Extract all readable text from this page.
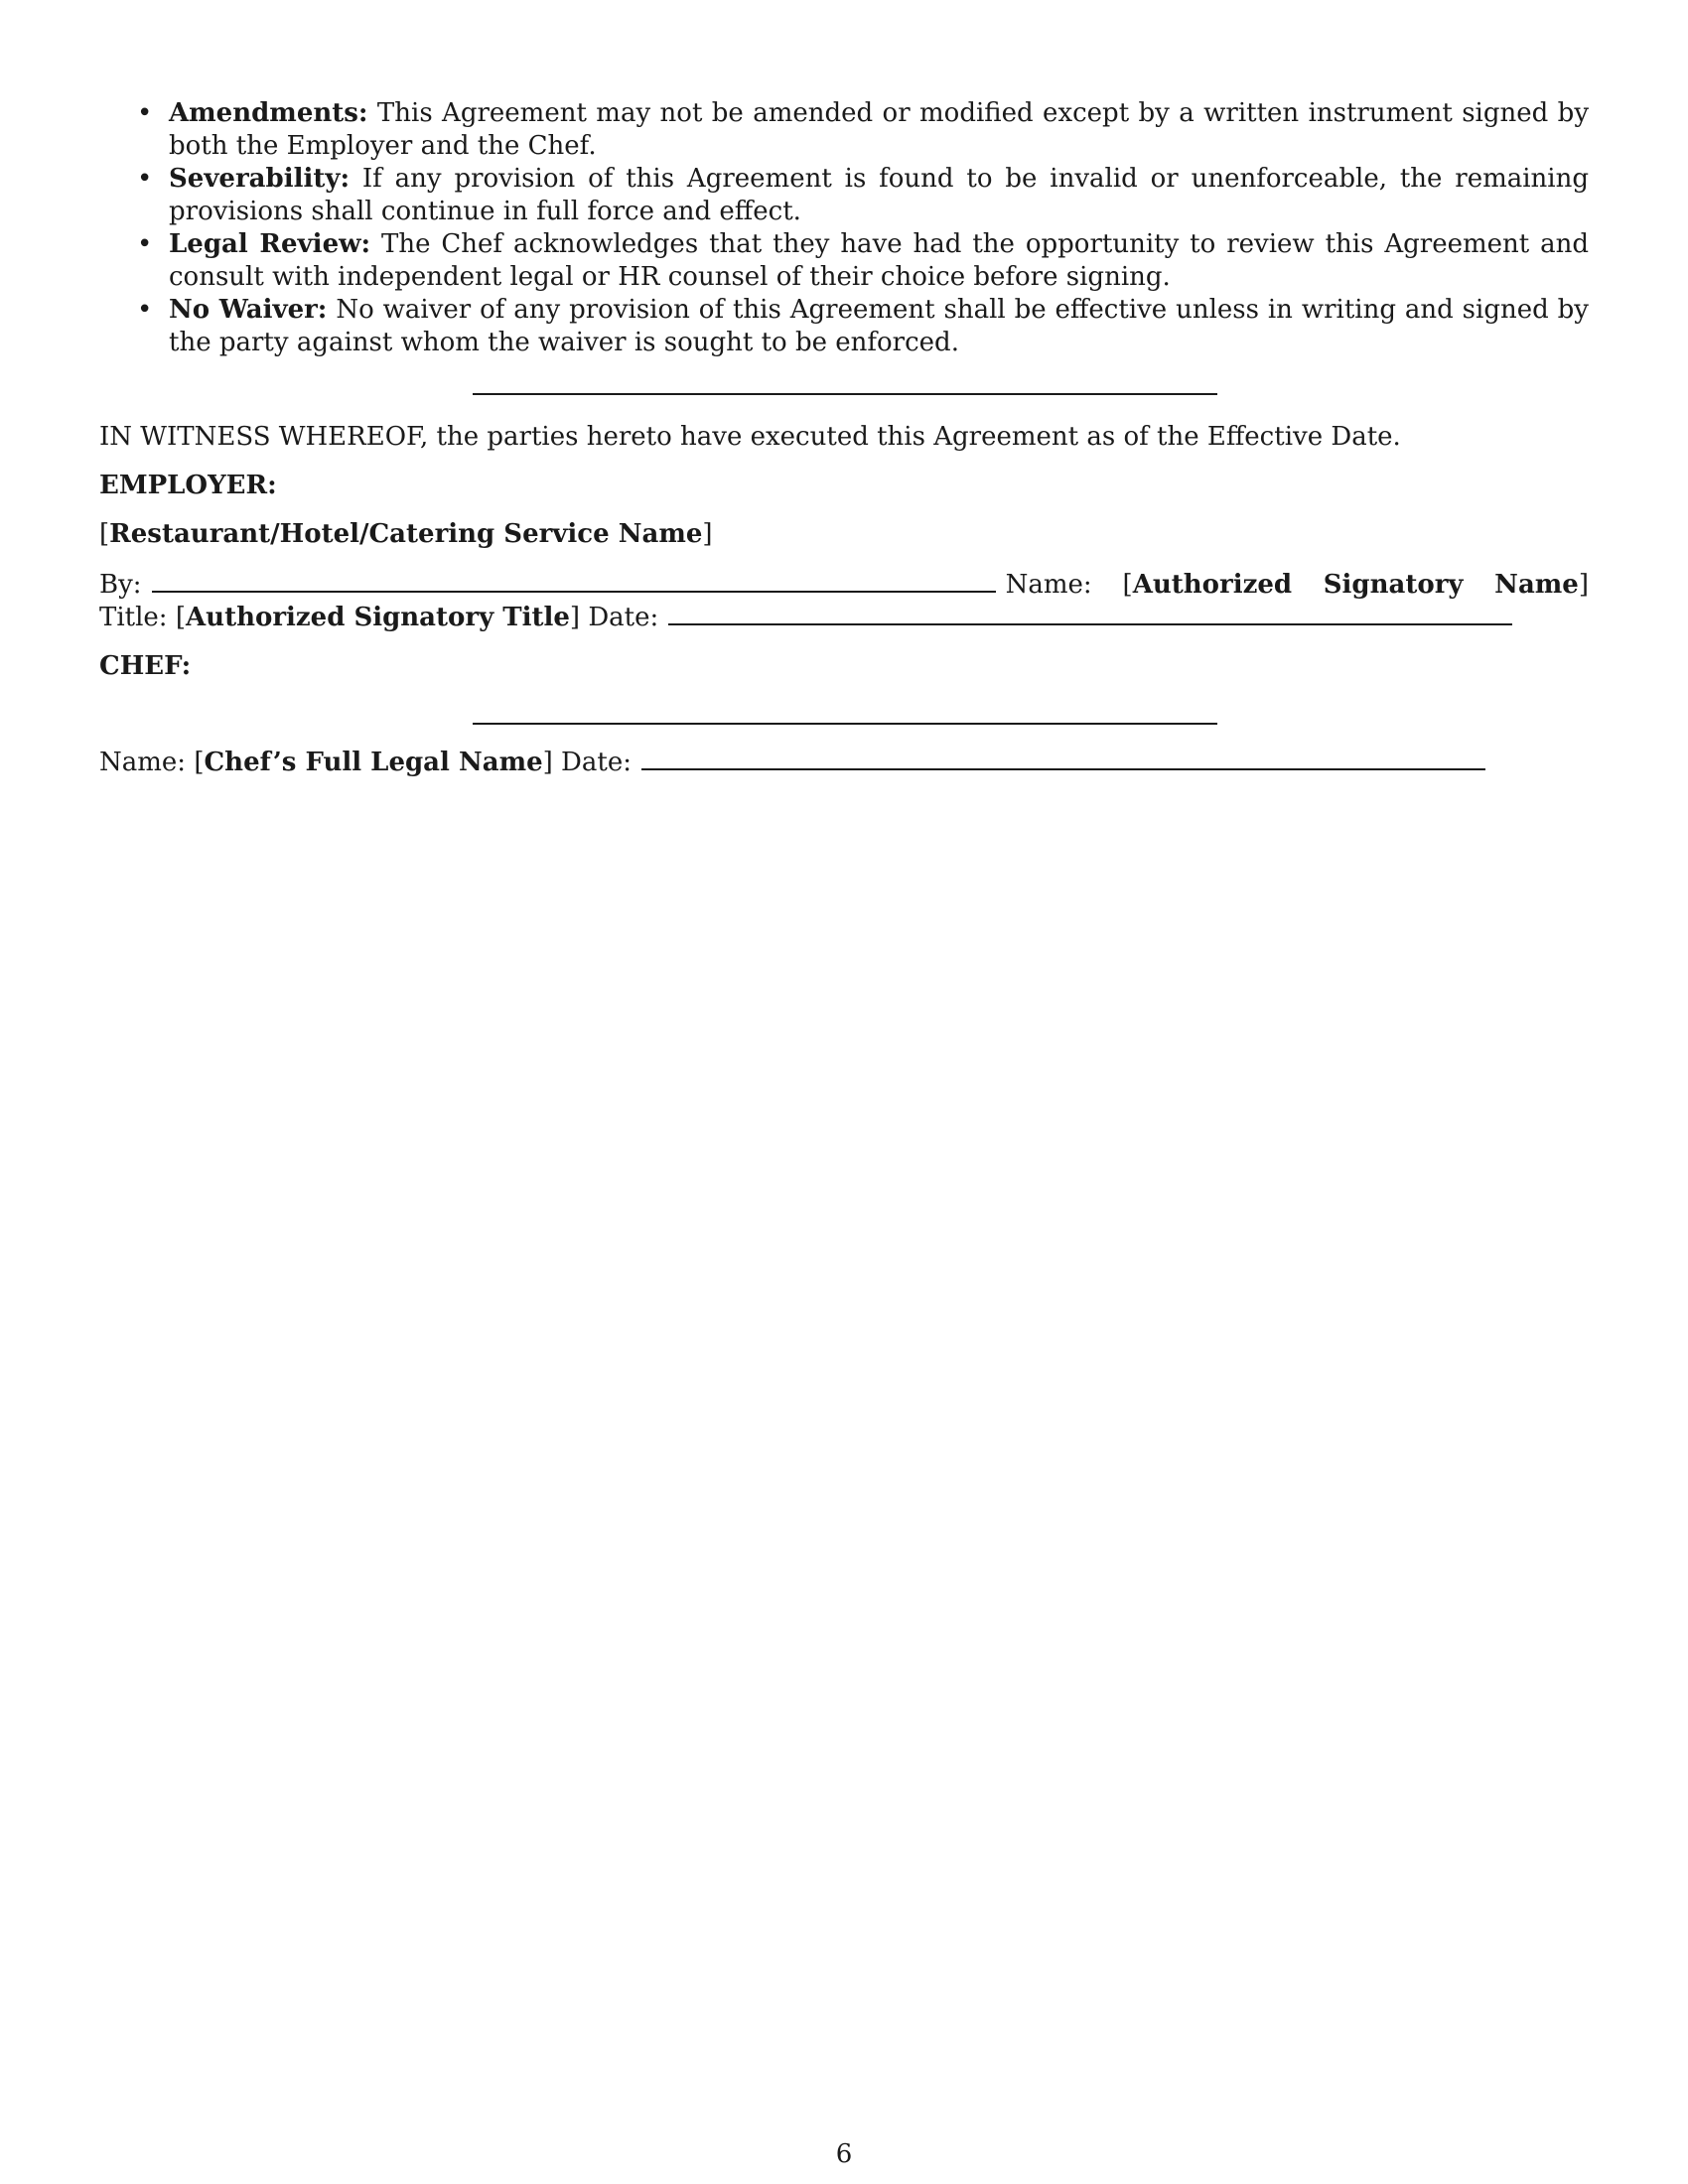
• Amendments: This Agreement may not be amended or modified except by a written instrument signed by both the Employer and the Chef.
• Severability: If any provision of this Agreement is found to be invalid or unenforceable, the remaining provisions shall continue in full force and effect.
• Legal Review: The Chef acknowledges that they have had the opportunity to review this Agreement and consult with independent legal or HR counsel of their choice before signing.
• No Waiver: No waiver of any provision of this Agreement shall be effective unless in writing and signed by the party against whom the waiver is sought to be enforced.

IN WITNESS WHEREOF, the parties hereto have executed this Agreement as of the Effective Date.

EMPLOYER:

[Restaurant/Hotel/Catering Service Name]

By:	Name: [Authorized Signatory Name] Title: [Authorized Signatory Title] Date:

CHEF:

Name: [Chef’s Full Legal Name] Date:

6
